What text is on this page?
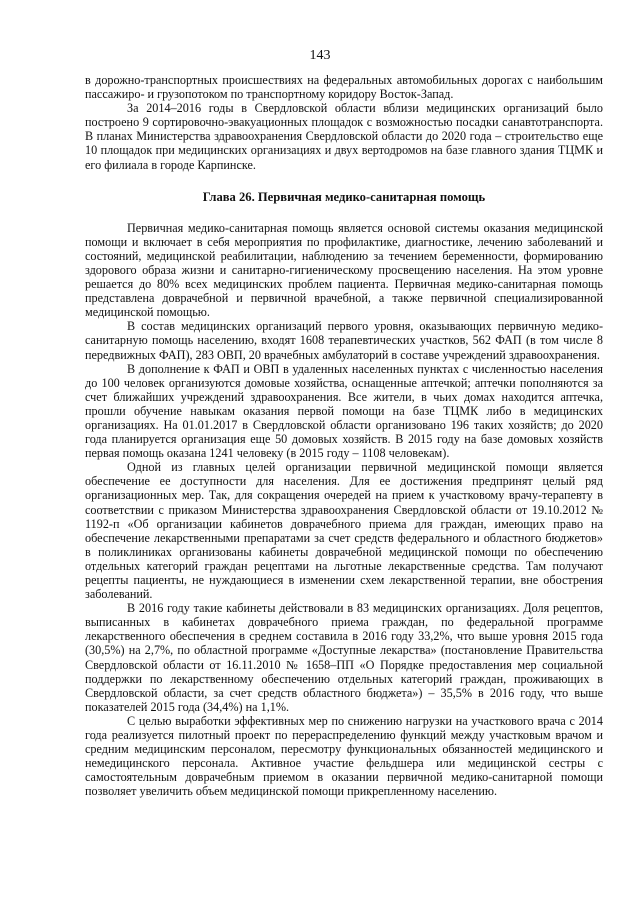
143

в дорожно-транспортных происшествиях на федеральных автомобильных дорогах с наибольшим пассажиро- и грузопотоком по транспортному коридору Восток-Запад.

За 2014–2016 годы в Свердловской области вблизи медицинских организаций было построено 9 сортировочно-эвакуационных площадок с возможностью посадки санавтотранспорта. В планах Министерства здравоохранения Свердловской области до 2020 года – строительство еще 10 площадок при медицинских организациях и двух вертодромов на базе главного здания ТЦМК и его филиала в городе Карпинске.

Глава 26. Первичная медико-санитарная помощь

Первичная медико-санитарная помощь является основой системы оказания медицинской помощи и включает в себя мероприятия по профилактике, диагностике, лечению заболеваний и состояний, медицинской реабилитации, наблюдению за течением беременности, формированию здорового образа жизни и санитарно-гигиеническому просвещению населения. На этом уровне решается до 80% всех медицинских проблем пациента. Первичная медико-санитарная помощь представлена доврачебной и первичной врачебной, а также первичной специализированной медицинской помощью.

В состав медицинских организаций первого уровня, оказывающих первичную медико-санитарную помощь населению, входят 1608 терапевтических участков, 562 ФАП (в том числе 8 передвижных ФАП), 283 ОВП, 20 врачебных амбулаторий в составе учреждений здравоохранения.

В дополнение к ФАП и ОВП в удаленных населенных пунктах с численностью населения до 100 человек организуются домовые хозяйства, оснащенные аптечкой; аптечки пополняются за счет ближайших учреждений здравоохранения. Все жители, в чьих домах находится аптечка, прошли обучение навыкам оказания первой помощи на базе ТЦМК либо в медицинских организациях. На 01.01.2017 в Свердловской области организовано 196 таких хозяйств; до 2020 года планируется организация еще 50 домовых хозяйств. В 2015 году на базе домовых хозяйств первая помощь оказана 1241 человеку (в 2015 году – 1108 человекам).

Одной из главных целей организации первичной медицинской помощи является обеспечение ее доступности для населения. Для ее достижения предпринят целый ряд организационных мер. Так, для сокращения очередей на прием к участковому врачу-терапевту в соответствии с приказом Министерства здравоохранения Свердловской области от 19.10.2012 № 1192-п «Об организации кабинетов доврачебного приема для граждан, имеющих право на обеспечение лекарственными препаратами за счет средств федерального и областного бюджетов» в поликлиниках организованы кабинеты доврачебной медицинской помощи по обеспечению отдельных категорий граждан рецептами на льготные лекарственные средства. Там получают рецепты пациенты, не нуждающиеся в изменении схем лекарственной терапии, вне обострения заболеваний.

В 2016 году такие кабинеты действовали в 83 медицинских организациях. Доля рецептов, выписанных в кабинетах доврачебного приема граждан, по федеральной программе лекарственного обеспечения в среднем составила в 2016 году 33,2%, что выше уровня 2015 года (30,5%) на 2,7%, по областной программе «Доступные лекарства» (постановление Правительства Свердловской области от 16.11.2010 № 1658–ПП «О Порядке предоставления мер социальной поддержки по лекарственному обеспечению отдельных категорий граждан, проживающих в Свердловской области, за счет средств областного бюджета») – 35,5% в 2016 году, что выше показателей 2015 года (34,4%) на 1,1%.

С целью выработки эффективных мер по снижению нагрузки на участкового врача с 2014 года реализуется пилотный проект по перераспределению функций между участковым врачом и средним медицинским персоналом, пересмотру функциональных обязанностей медицинского и немедицинского персонала. Активное участие фельдшера или медицинской сестры с самостоятельным доврачебным приемом в оказании первичной медико-санитарной помощи позволяет увеличить объем медицинской помощи прикрепленному населению.
